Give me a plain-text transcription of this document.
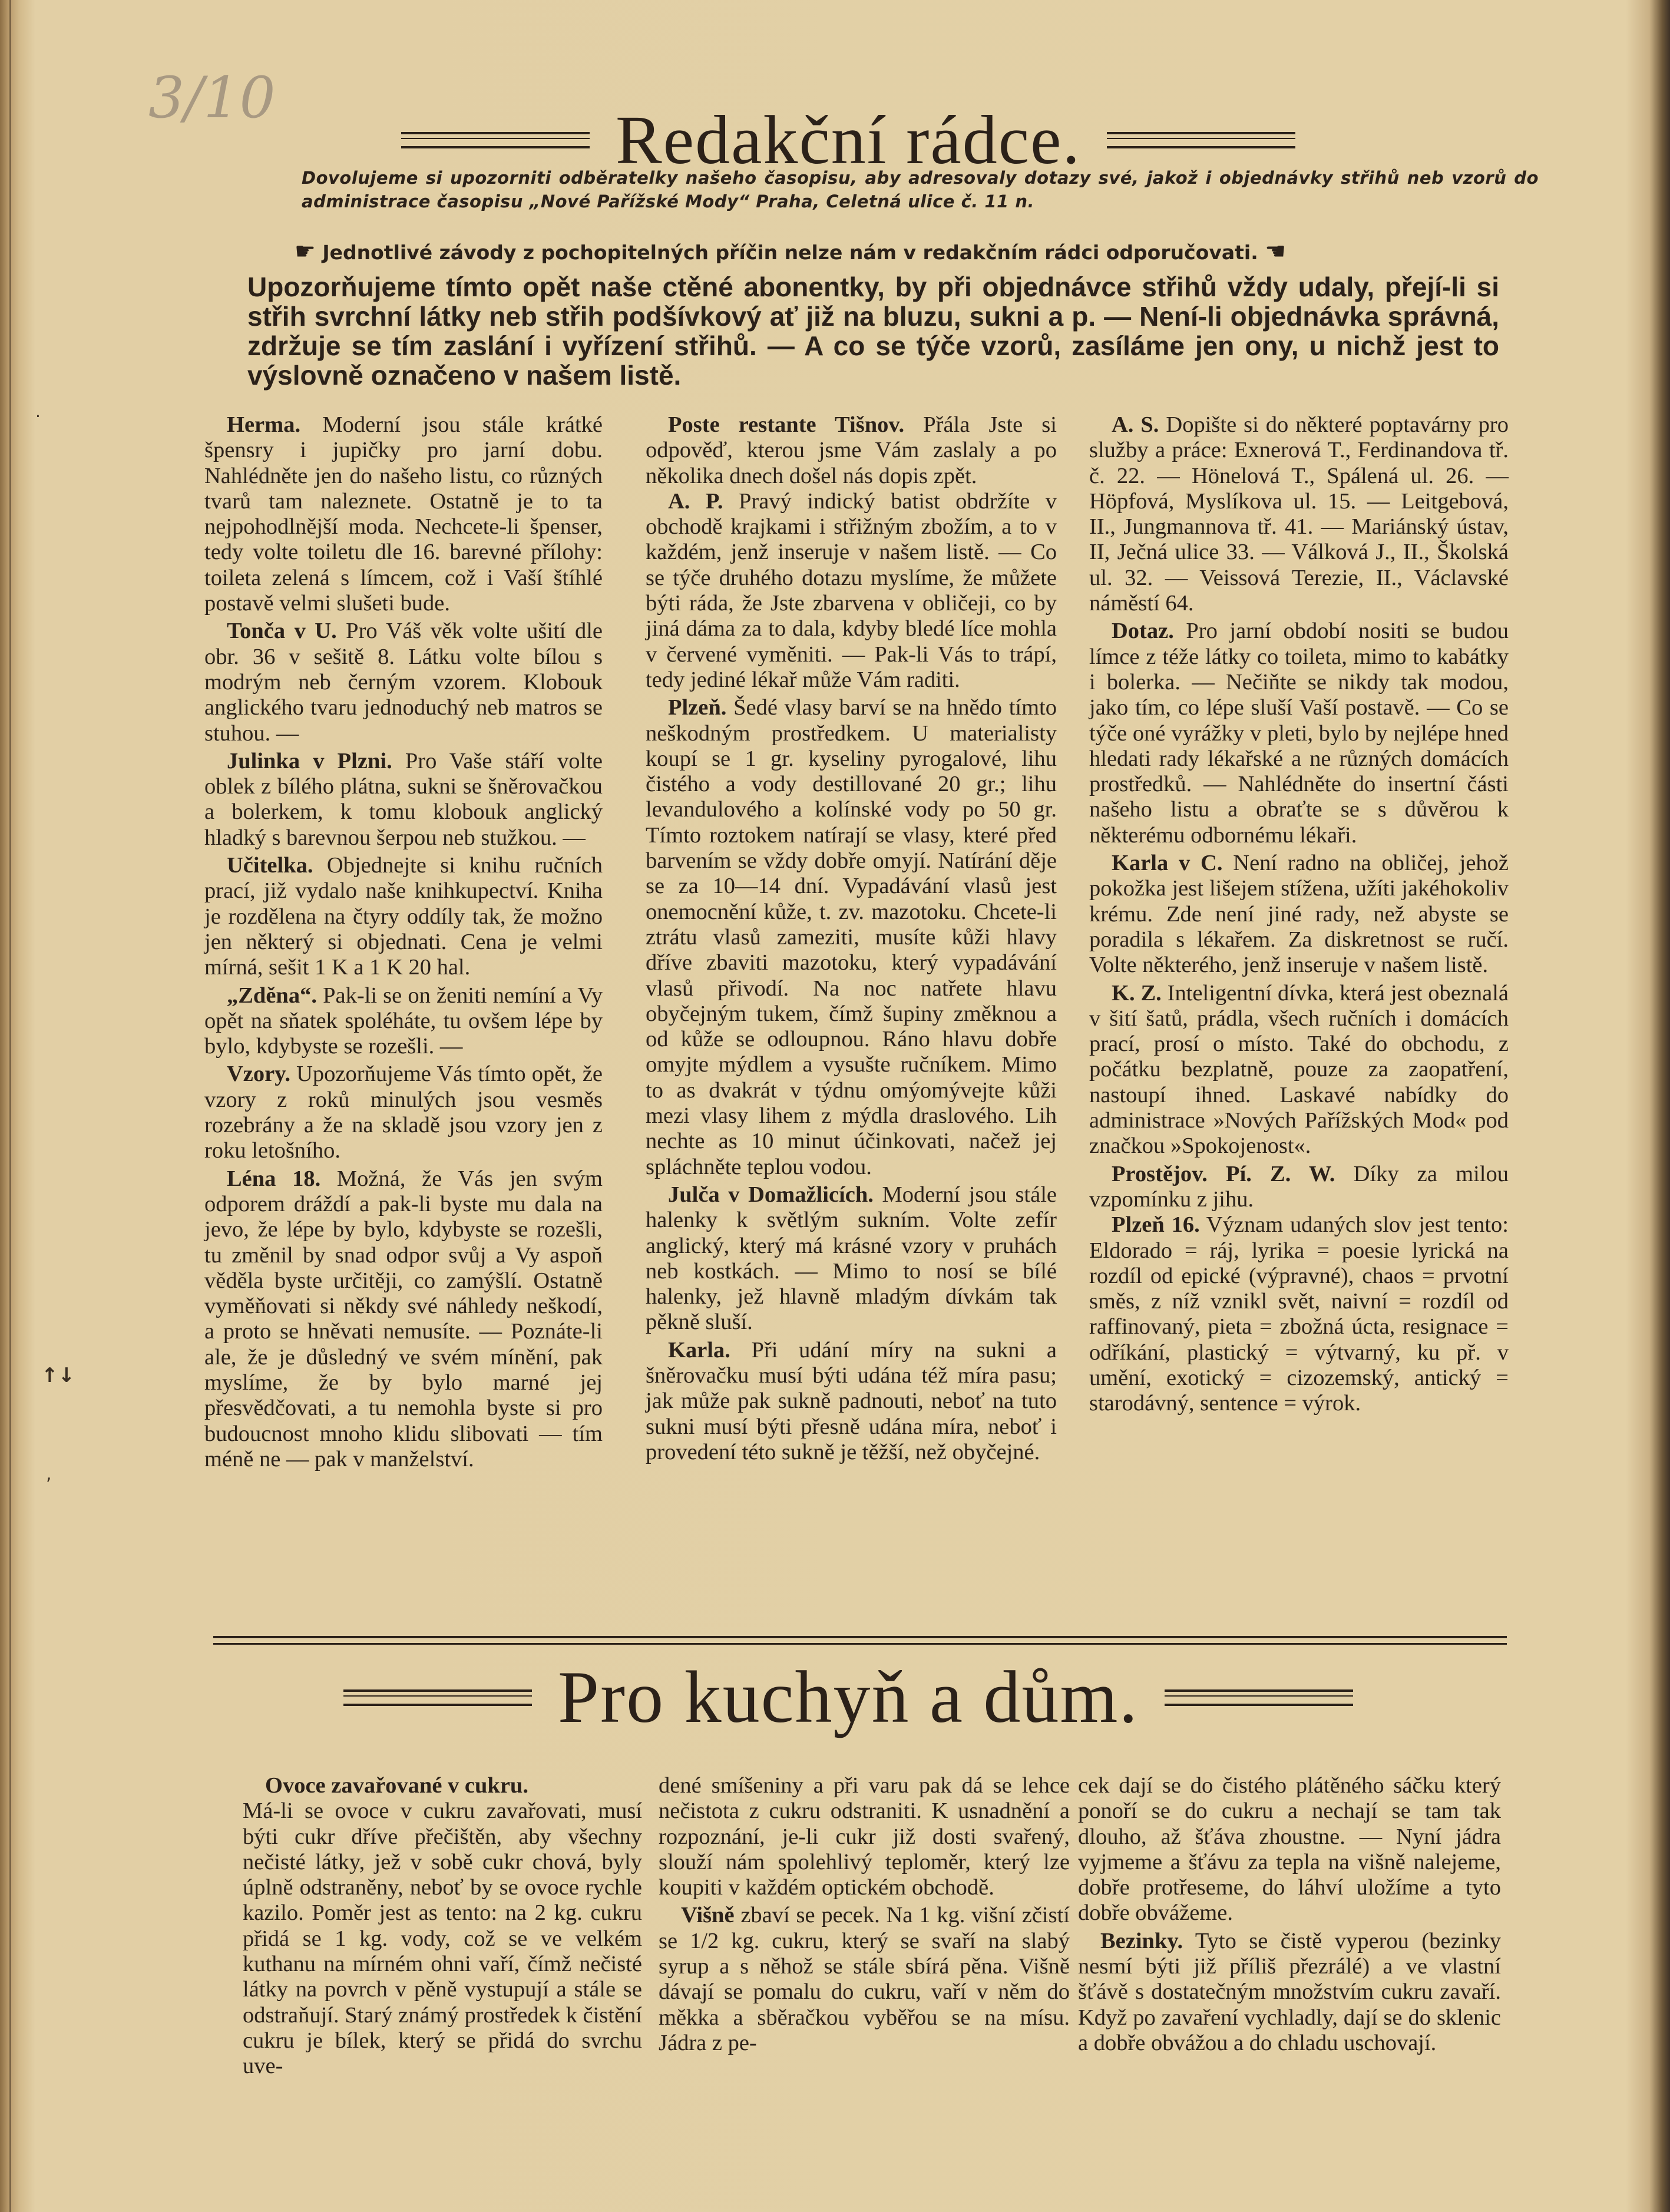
3/10
·
↑↓
,
Redakční rádce.
Dovolujeme si upozorniti odběratelky našeho časopisu, aby adresovaly dotazy své, jakož i objednávky střihů neb vzorů do administrace časopisu „Nové Pařížské Mody“ Praha, Celetná ulice č. 11 n.
☛ Jednotlivé závody z pochopitelných příčin nelze nám v redakčním rádci odporučovati. ☚
Upozorňujeme tímto opět naše ctěné abonentky, by při objednávce střihů vždy udaly, přejí-li si střih svrchní látky neb střih podšívkový ať již na bluzu, sukni a p. — Není-li objednávka správná, zdržuje se tím zaslání i vyřízení střihů. — A co se týče vzorů, zasíláme jen ony, u nichž jest to výslovně označeno v našem listě.

Herma. Moderní jsou stále krátké špensry i jupičky pro jarní dobu. Nahlédněte jen do našeho listu, co různých tvarů tam naleznete. Ostatně je to ta nejpohodlnější moda. Nechcete-li špenser, tedy volte toiletu dle 16. barevné přílohy: toileta zelená s límcem, což i Vaší štíhlé postavě velmi slušeti bude.

Tonča v U. Pro Váš věk volte ušití dle obr. 36 v sešitě 8. Látku volte bílou s modrým neb černým vzorem. Klobouk anglického tvaru jednoduchý neb matros se stuhou. —

Julinka v Plzni. Pro Vaše stáří volte oblek z bílého plátna, sukni se šněrovačkou a bolerkem, k tomu klobouk anglický hladký s barevnou šerpou neb stužkou. —

Učitelka. Objednejte si knihu ručních prací, již vydalo naše knihkupectví. Kniha je rozdělena na čtyry oddíly tak, že možno jen některý si objednati. Cena je velmi mírná, sešit 1 K a 1 K 20 hal.

„Zděna“. Pak-li se on ženiti nemíní a Vy opět na sňatek spoléháte, tu ovšem lépe by bylo, kdybyste se rozešli. —

Vzory. Upozorňujeme Vás tímto opět, že vzory z roků minulých jsou vesměs rozebrány a že na skladě jsou vzory jen z roku letošního.

Léna 18. Možná, že Vás jen svým odporem dráždí a pak-li byste mu dala na jevo, že lépe by bylo, kdybyste se rozešli, tu změnil by snad odpor svůj a Vy aspoň věděla byste určitěji, co zamýšlí. Ostatně vyměňovati si někdy své náhledy neškodí, a proto se hněvati nemusíte. — Poznáte-li ale, že je důsledný ve svém mínění, pak myslíme, že by bylo marné jej přesvědčovati, a tu nemohla byste si pro budoucnost mnoho klidu slibovati — tím méně ne — pak v manželství.

Poste restante Tišnov. Přála Jste si odpověď, kterou jsme Vám zaslaly a po několika dnech došel nás dopis zpět.

A. P. Pravý indický batist obdržíte v obchodě krajkami i střižným zbožím, a to v každém, jenž inseruje v našem listě. — Co se týče druhého dotazu myslíme, že můžete býti ráda, že Jste zbarvena v obličeji, co by jiná dáma za to dala, kdyby bledé líce mohla v červené vyměniti. — Pak-li Vás to trápí, tedy jediné lékař může Vám raditi.

Plzeň. Šedé vlasy barví se na hnědo tímto neškodným prostředkem. U materialisty koupí se 1 gr. kyseliny pyrogalové, lihu čistého a vody destillované 20 gr.; lihu levandulového a kolínské vody po 50 gr. Tímto roztokem natírají se vlasy, které před barvením se vždy dobře omyjí. Natírání děje se za 10—14 dní. Vypadávání vlasů jest onemocnění kůže, t. zv. mazotoku. Chcete-li ztrátu vlasů zameziti, musíte kůži hlavy dříve zbaviti mazotoku, který vypadávání vlasů přivodí. Na noc natřete hlavu obyčejným tukem, čímž šupiny změknou a od kůže se odloupnou. Ráno hlavu dobře omyjte mýdlem a vysušte ručníkem. Mimo to as dvakrát v týdnu omýomývejte kůži mezi vlasy lihem z mýdla draslového. Lih nechte as 10 minut účinkovati, načež jej spláchněte teplou vodou.

Julča v Domažlicích. Moderní jsou stále halenky k světlým sukním. Volte zefír anglický, který má krásné vzory v pruhách neb kostkách. — Mimo to nosí se bílé halenky, jež hlavně mladým dívkám tak pěkně sluší.

Karla. Při udání míry na sukni a šněrovačku musí býti udána též míra pasu; jak může pak sukně padnouti, neboť na tuto sukni musí býti přesně udána míra, neboť i provedení této sukně je těžší, než obyčejné.

A. S. Dopište si do některé poptavárny pro služby a práce: Exnerová T., Ferdinandova tř. č. 22. — Hönelová T., Spálená ul. 26. — Höpfová, Myslíkova ul. 15. — Leitgebová, II., Jungmannova tř. 41. — Mariánský ústav, II, Ječná ulice 33. — Válková J., II., Školská ul. 32. — Veissová Terezie, II., Václavské náměstí 64.

Dotaz. Pro jarní období nositi se budou límce z téže látky co toileta, mimo to kabátky i bolerka. — Nečiňte se nikdy tak modou, jako tím, co lépe sluší Vaší postavě. — Co se týče oné vyrážky v pleti, bylo by nejlépe hned hledati rady lékařské a ne různých domácích prostředků. — Nahlédněte do insertní části našeho listu a obraťte se s důvěrou k některému odbornému lékaři.

Karla v C. Není radno na obličej, jehož pokožka jest lišejem stížena, užíti jakéhokoliv krému. Zde není jiné rady, než abyste se poradila s lékařem. Za diskretnost se ručí. Volte některého, jenž inseruje v našem listě.

K. Z. Inteligentní dívka, která jest obeznalá v šití šatů, prádla, všech ručních i domácích prací, prosí o místo. Také do obchodu, z počátku bezplatně, pouze za zaopatření, nastoupí ihned. Laskavé nabídky do administrace »Nových Pařížských Mod« pod značkou »Spokojenost«.

Prostějov. Pí. Z. W. Díky za milou vzpomínku z jihu.

Plzeň 16. Význam udaných slov jest tento: Eldorado = ráj, lyrika = poesie lyrická na rozdíl od epické (výpravné), chaos = prvotní směs, z níž vznikl svět, naivní = rozdíl od raffinovaný, pieta = zbožná úcta, resignace = odříkání, plastický = výtvarný, ku př. v umění, exotický = cizozemský, antický = starodávný, sentence = výrok.

Pro kuchyň a dům.

Ovoce zavařované v cukru.

Má-li se ovoce v cukru zavařovati, musí býti cukr dříve přečištěn, aby všechny nečisté látky, jež v sobě cukr chová, byly úplně odstraněny, neboť by se ovoce rychle kazilo. Poměr jest as tento: na 2 kg. cukru přidá se 1 kg. vody, což se ve velkém kuthanu na mírném ohni vaří, čímž nečisté látky na povrch v pěně vystupují a stále se odstraňují. Starý známý prostředek k čistění cukru je bílek, který se přidá do svrchu uve-

dené smíšeniny a při varu pak dá se lehce nečistota z cukru odstraniti. K usnadnění a rozpoznání, je-li cukr již dosti svařený, slouží nám spolehlivý teploměr, který lze koupiti v každém optickém obchodě.

Višně zbaví se pecek. Na 1 kg. višní zčistí se 1/2 kg. cukru, který se svaří na slabý syrup a s něhož se stále sbírá pěna. Višně dávají se pomalu do cukru, vaří v něm do měkka a sběračkou vyběřou se na mísu. Jádra z pe-

cek dají se do čistého plátěného sáčku který ponoří se do cukru a nechají se tam tak dlouho, až šťáva zhoustne. — Nyní jádra vyjmeme a šťávu za tepla na višně nalejeme, dobře protřeseme, do láhví uložíme a tyto dobře obvážeme.

Bezinky. Tyto se čistě vyperou (bezinky nesmí býti již příliš přezrálé) a ve vlastní šťávě s dostatečným množstvím cukru zavaří. Když po zavaření vychladly, dají se do sklenic a dobře obvážou a do chladu uschovají.
